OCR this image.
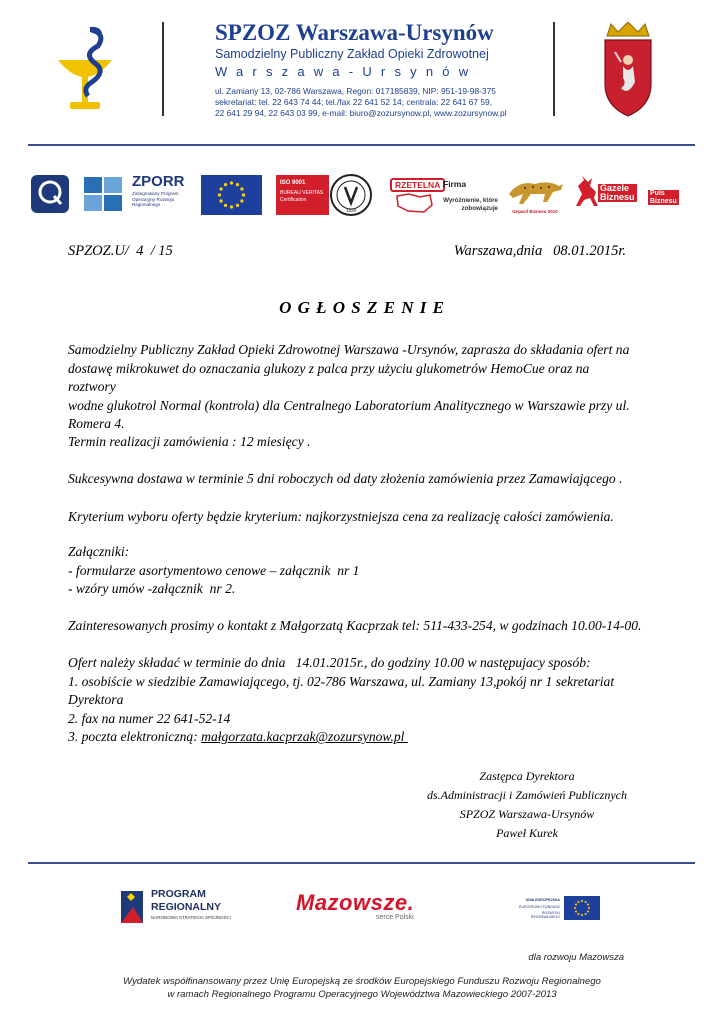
SPZOZ Warszawa-Ursynów
Samodzielny Publiczny Zakład Opieki Zdrowotnej
Warszawa-Ursynów
ul. Zamiany 13, 02-786 Warszawa, Regon: 017185839, NIP: 951-19-98-375
sekretariat: tel. 22 643 74 44; tel./fax 22 641 52 14; centrala: 22 641 67 59,
22 641 29 94, 22 643 03 99, e-mail: biuro@zozursynow.pl, www.zozursynow.pl
ZPORR
Zintegrowany Program Operacyjny Rozwoju Regionalnego
ISO 9001
BUREAU VERITAS Certification
1828
RZETELNA Firma
Wyróżnienie, które zobowiązuje	Gepard Biznesu 2010
Gazele
Biznesu Puls
Biznesu
SPZOZ.U/  4  / 15	Warszawa,dnia   08.01.2015r.
O G Ł O S Z E N I E
Samodzielny Publiczny Zakład Opieki Zdrowotnej Warszawa -Ursynów, zaprasza do składania ofert na
dostawę mikrokuwet do oznaczania glukozy z palca przy użyciu glukometrów HemoCue oraz na roztwory
wodne glukotrol Normal (kontrola) dla Centralnego Laboratorium Analitycznego w Warszawie przy ul.
Romera 4.
Termin realizacji zamówienia : 12 miesięcy .
Sukcesywna dostawa w terminie 5 dni roboczych od daty złożenia zamówienia przez Zamawiającego .
Kryterium wyboru oferty będzie kryterium: najkorzystniejsza cena za realizację całości zamówienia.
Załączniki:
- formularze asortymentowo cenowe – załącznik  nr 1
- wzóry umów -załącznik  nr 2.
Zainteresowanych prosimy o kontakt z Małgorzatą Kacprzak tel: 511-433-254, w godzinach 10.00-14-00.
Ofert należy składać w terminie do dnia   14.01.2015r., do godziny 10.00 w następujacy sposób:
1. osobiście w siedzibie Zamawiającego, tj. 02-786 Warszawa, ul. Zamiany 13,pokój nr 1 sekretariat
Dyrektora
2. fax na numer 22 641-52-14
3. poczta elektroniczną: małgorzata.kacprzak@zozursynow.pl
Zastępca Dyrektora
ds.Administracji i Zamówień Publicznych
SPZOZ Warszawa-Ursynów
Paweł Kurek
PROGRAM
REGIONALNY
NARODOWA STRATEGIA SPÓJNOŚCI
Mazowsze.
serce Polski
UNIA EUROPEJSKA
EUROPEJSKI FUNDUSZ
ROZWOJU REGIONALNEGO
dla rozwoju Mazowsza
Wydatek współfinansowany przez Unię Europejską ze środków Europejskiego Funduszu Rozwoju Regionalnego
w ramach Regionalnego Programu Operacyjnego Województwa Mazowieckiego 2007-2013
